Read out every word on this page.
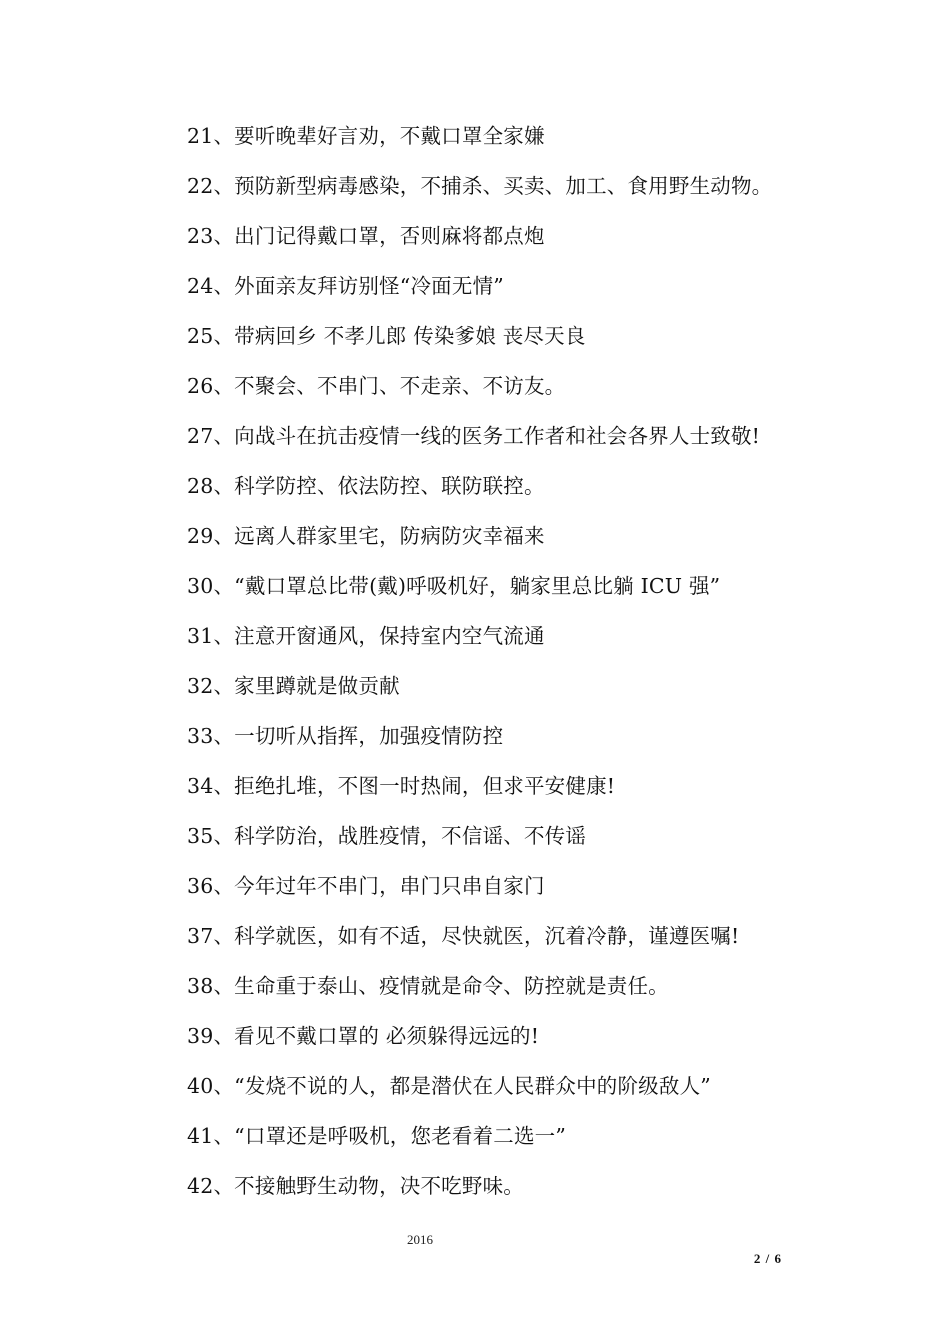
21、要听晚辈好言劝，不戴口罩全家嫌
22、预防新型病毒感染，不捕杀、买卖、加工、食用野生动物。
23、出门记得戴口罩，否则麻将都点炮
24、外面亲友拜访别怪“冷面无情”
25、带病回乡 不孝儿郎 传染爹娘 丧尽天良
26、不聚会、不串门、不走亲、不访友。
27、向战斗在抗击疫情一线的医务工作者和社会各界人士致敬!
28、科学防控、依法防控、联防联控。
29、远离人群家里宅，防病防灾幸福来
30、“戴口罩总比带(戴)呼吸机好，躺家里总比躺 ICU 强”
31、注意开窗通风，保持室内空气流通
32、家里蹲就是做贡献
33、一切听从指挥，加强疫情防控
34、拒绝扎堆，不图一时热闹，但求平安健康!
35、科学防治，战胜疫情，不信谣、不传谣
36、今年过年不串门，串门只串自家门
37、科学就医，如有不适，尽快就医，沉着冷静，谨遵医嘱!
38、生命重于泰山、疫情就是命令、防控就是责任。
39、看见不戴口罩的 必须躲得远远的!
40、“发烧不说的人，都是潜伏在人民群众中的阶级敌人”
41、“口罩还是呼吸机，您老看着二选一”
42、不接触野生动物，决不吃野味。
2016
2 / 6
